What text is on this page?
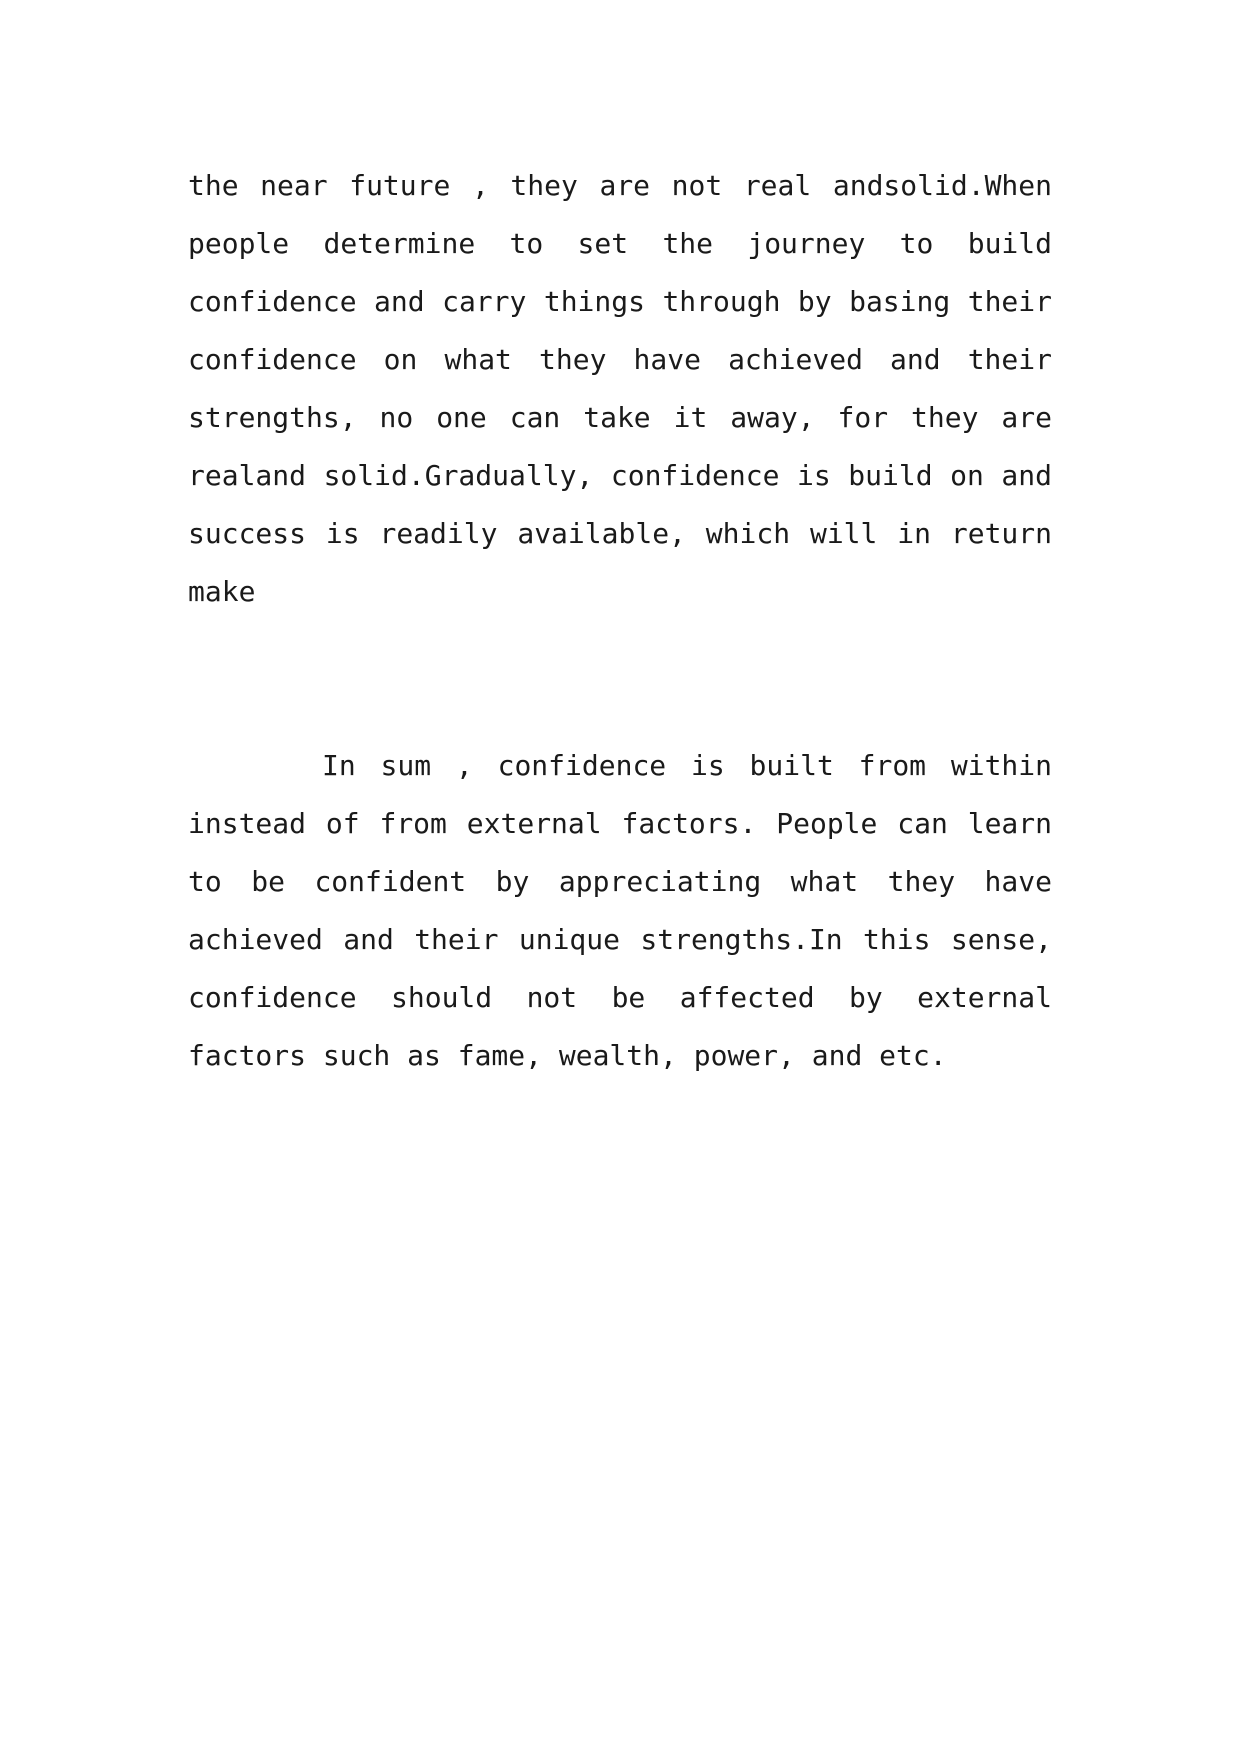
the near future , they are not real andsolid.When
people determine to set the journey to build
confidence and carry things through by basing their
confidence on what they have achieved and their
strengths, no one can take it away, for they are
realand solid.Gradually, confidence is build on and
success is readily available, which will in return
make
In sum , confidence is built from within
instead of from external factors. People can learn
to be confident by appreciating what they have
achieved and their unique strengths.In this sense,
confidence should not be affected by external
factors such as fame, wealth, power, and etc.
